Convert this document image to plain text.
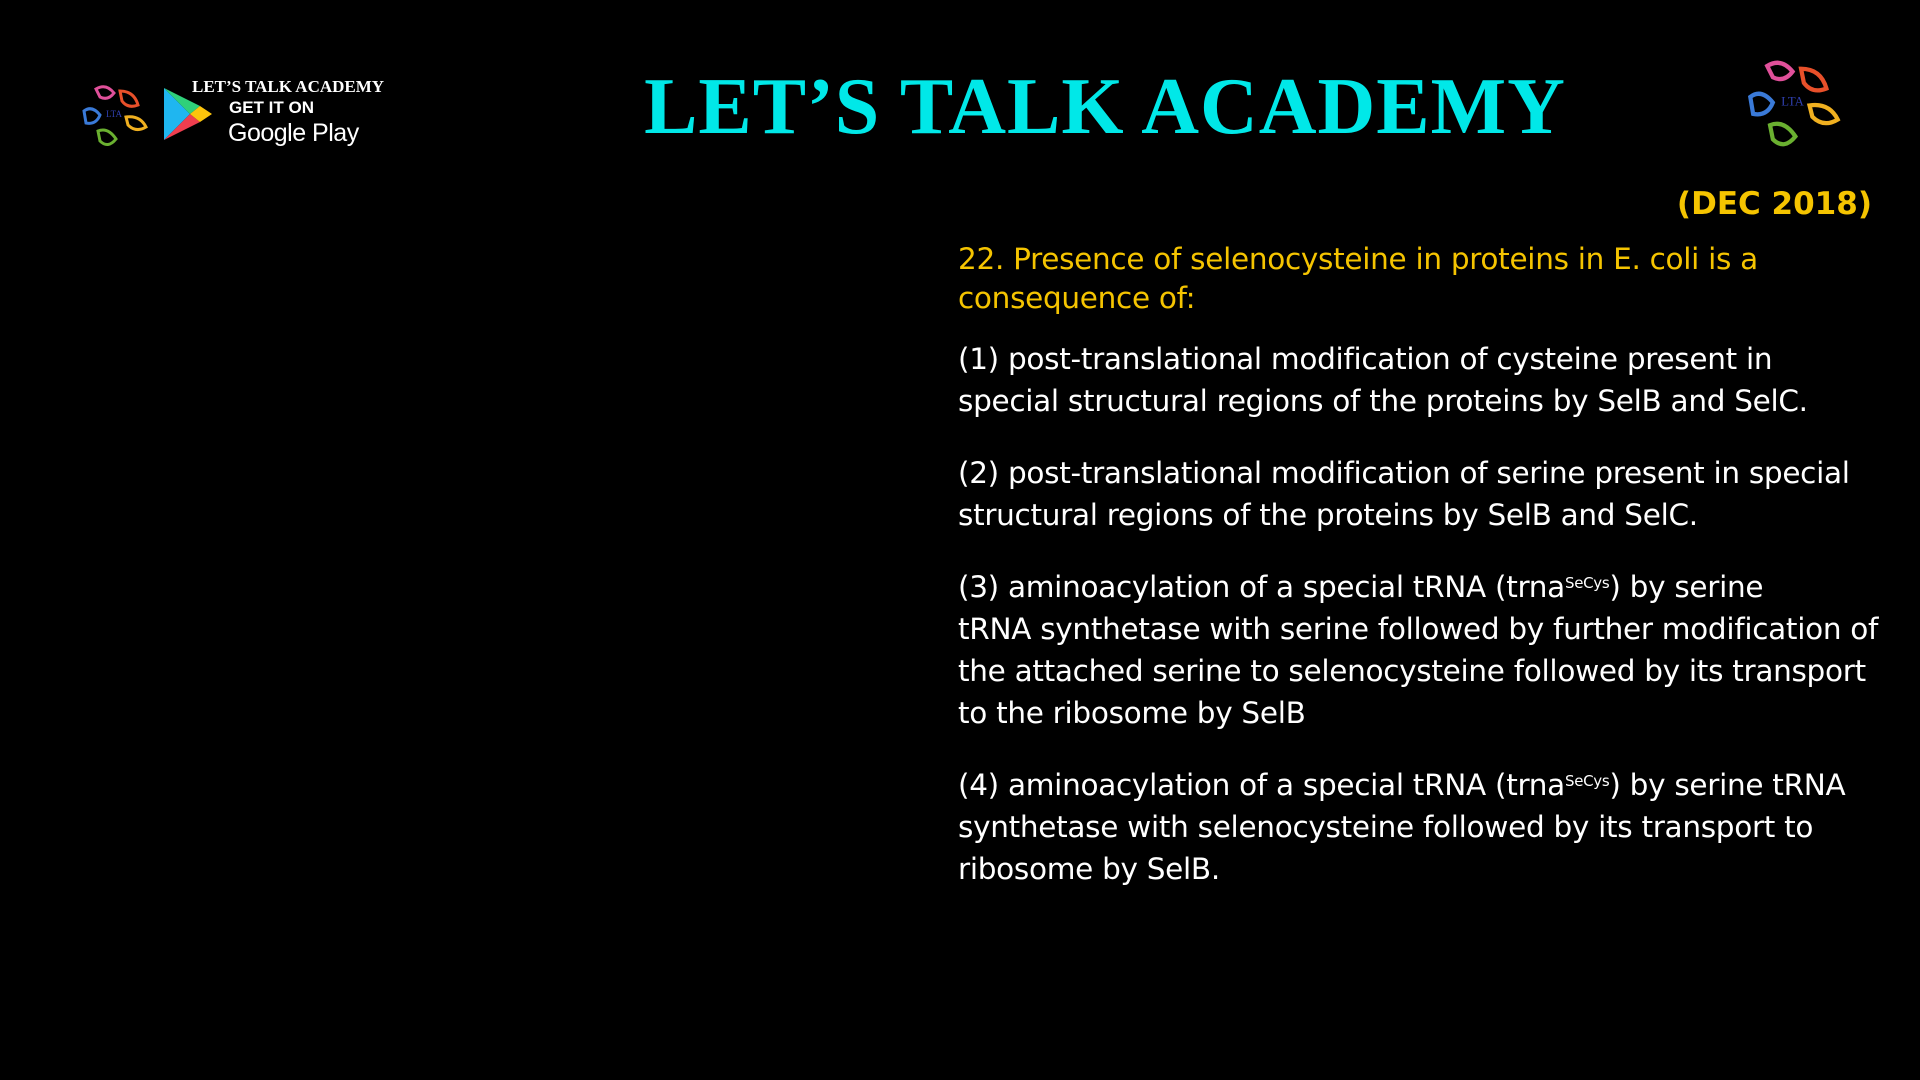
LTA
LET’S TALK ACADEMY
GET IT ON
Google Play	LET’S TALK ACADEMY	LTA
(DEC 2018)
22. Presence of selenocysteine in proteins in E. coli is a
consequence of:
(1) post-translational modification of cysteine present in
special structural regions of the proteins by SelB and SelC.
(2) post-translational modification of serine present in special
structural regions of the proteins by SelB and SelC.
(3) aminoacylation of a special tRNA (trna$^{SeCys}$) by serine
tRNA synthetase with serine followed by further modification of
the attached serine to selenocysteine followed by its transport
to the ribosome by SelB
(4) aminoacylation of a special tRNA (trna$^{SeCys}$) by serine tRNA
synthetase with selenocysteine followed by its transport to
ribosome by SelB.
